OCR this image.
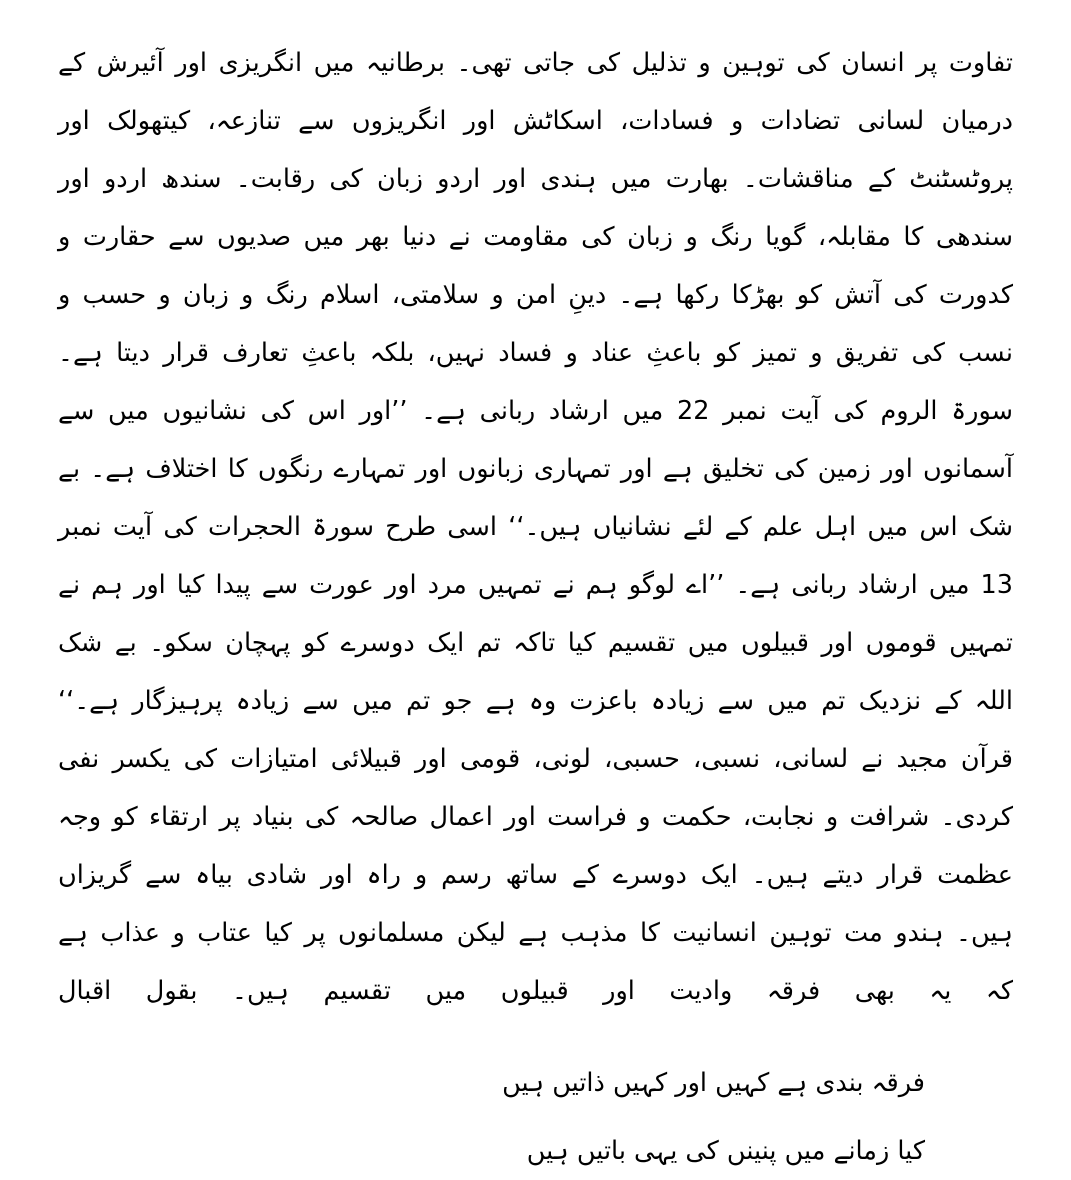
تفاوت پر انسان کی توہین و تذلیل کی جاتی تھی۔ برطانیہ میں انگریزی اور آئیرش کے درمیان لسانی تضادات و فسادات، اسکاٹش اور انگریزوں سے تنازعہ، کیتھولک اور پروٹسٹنٹ کے مناقشات۔ بھارت میں ہندی اور اردو زبان کی رقابت۔ سندھ اردو اور سندھی کا مقابلہ، گویا رنگ و زبان کی مقاومت نے دنیا بھر میں صدیوں سے حقارت و کدورت کی آتش کو بھڑکا رکھا ہے۔ دینِ امن و سلامتی، اسلام رنگ و زبان و حسب و نسب کی تفریق و تمیز کو باعثِ عناد و فساد نہیں، بلکہ باعثِ تعارف قرار دیتا ہے۔ سورۃ الروم کی آیت نمبر 22 میں ارشاد ربانی ہے۔ ’’اور اس کی نشانیوں میں سے آسمانوں اور زمین کی تخلیق ہے اور تمہاری زبانوں اور تمہارے رنگوں کا اختلاف ہے۔ بے شک اس میں اہل علم کے لئے نشانیاں ہیں۔‘‘ اسی طرح سورۃ الحجرات کی آیت نمبر 13 میں ارشاد ربانی ہے۔ ’’اے لوگو ہم نے تمہیں مرد اور عورت سے پیدا کیا اور ہم نے تمہیں قوموں اور قبیلوں میں تقسیم کیا تاکہ تم ایک دوسرے کو پہچان سکو۔ بے شک اللہ کے نزدیک تم میں سے زیادہ باعزت وہ ہے جو تم میں سے زیادہ پرہیزگار ہے۔‘‘ قرآن مجید نے لسانی، نسبی، حسبی، لونی، قومی اور قبیلائی امتیازات کی یکسر نفی کردی۔ شرافت و نجابت، حکمت و فراست اور اعمال صالحہ کی بنیاد پر ارتقاء کو وجہ عظمت قرار دیتے ہیں۔ ایک دوسرے کے ساتھ رسم و راہ اور شادی بیاہ سے گریزاں ہیں۔ ہندو مت توہین انسانیت کا مذہب ہے لیکن مسلمانوں پر کیا عتاب و عذاب ہے کہ یہ بھی فرقہ وادیت اور قبیلوں میں تقسیم ہیں۔ بقول اقبال

فرقہ بندی ہے کہیں اور کہیں ذاتیں ہیں
کیا زمانے میں پنینں کی یہی باتیں ہیں
